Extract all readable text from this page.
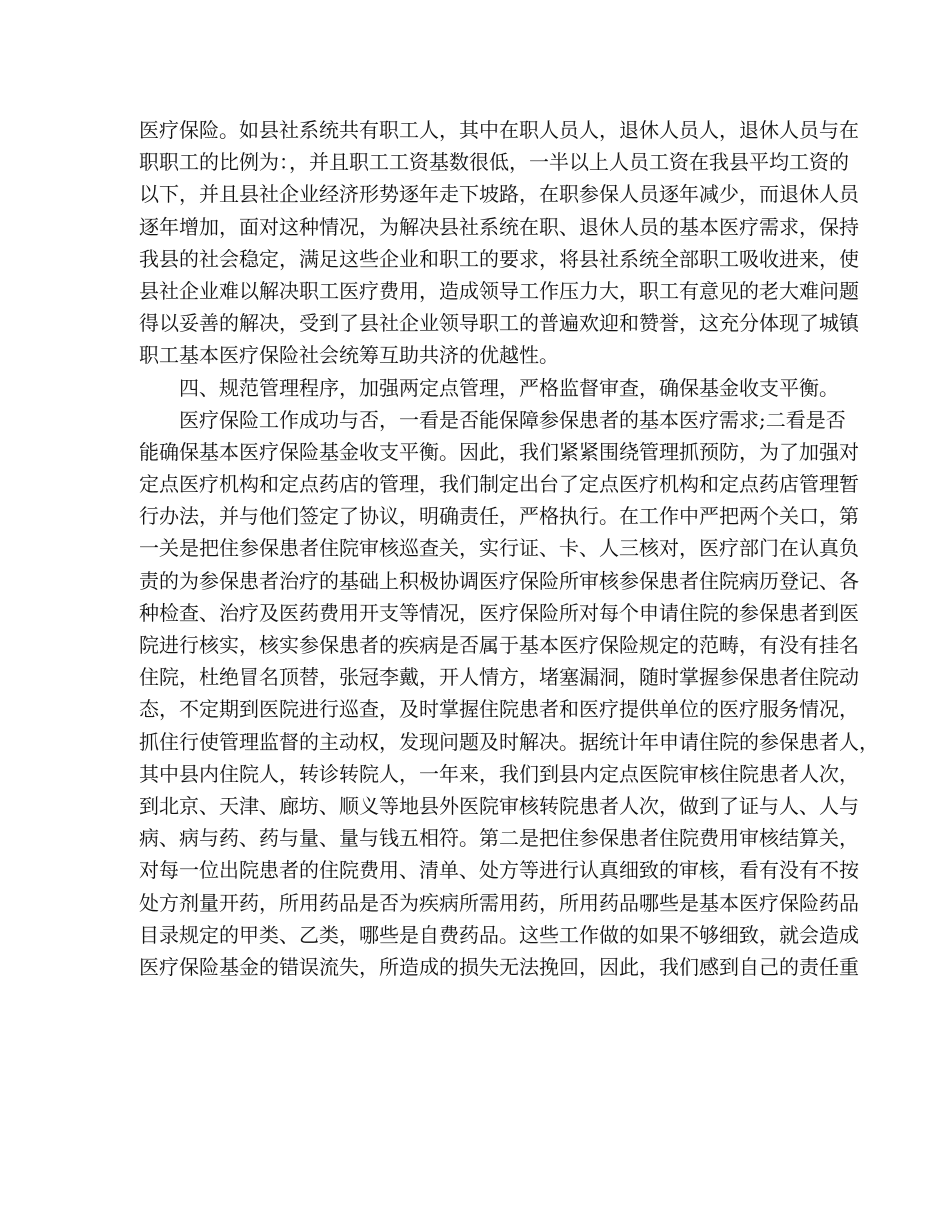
医疗保险。如县社系统共有职工人，其中在职人员人，退休人员人，退休人员与在
职职工的比例为：，并且职工工资基数很低，一半以上人员工资在我县平均工资的
以下，并且县社企业经济形势逐年走下坡路，在职参保人员逐年减少，而退休人员
逐年增加，面对这种情况，为解决县社系统在职、退休人员的基本医疗需求，保持
我县的社会稳定，满足这些企业和职工的要求，将县社系统全部职工吸收进来，使
县社企业难以解决职工医疗费用，造成领导工作压力大，职工有意见的老大难问题
得以妥善的解决，受到了县社企业领导职工的普遍欢迎和赞誉，这充分体现了城镇
职工基本医疗保险社会统筹互助共济的优越性。
四、规范管理程序，加强两定点管理，严格监督审查，确保基金收支平衡。
医疗保险工作成功与否，一看是否能保障参保患者的基本医疗需求;二看是否
能确保基本医疗保险基金收支平衡。因此，我们紧紧围绕管理抓预防，为了加强对
定点医疗机构和定点药店的管理，我们制定出台了定点医疗机构和定点药店管理暂
行办法，并与他们签定了协议，明确责任，严格执行。在工作中严把两个关口，第
一关是把住参保患者住院审核巡查关，实行证、卡、人三核对，医疗部门在认真负
责的为参保患者治疗的基础上积极协调医疗保险所审核参保患者住院病历登记、各
种检查、治疗及医药费用开支等情况，医疗保险所对每个申请住院的参保患者到医
院进行核实，核实参保患者的疾病是否属于基本医疗保险规定的范畴，有没有挂名
住院，杜绝冒名顶替，张冠李戴，开人情方，堵塞漏洞，随时掌握参保患者住院动
态，不定期到医院进行巡查，及时掌握住院患者和医疗提供单位的医疗服务情况，
抓住行使管理监督的主动权，发现问题及时解决。据统计年申请住院的参保患者人，
其中县内住院人，转诊转院人，一年来，我们到县内定点医院审核住院患者人次，
到北京、天津、廊坊、顺义等地县外医院审核转院患者人次，做到了证与人、人与
病、病与药、药与量、量与钱五相符。第二是把住参保患者住院费用审核结算关，
对每一位出院患者的住院费用、清单、处方等进行认真细致的审核，看有没有不按
处方剂量开药，所用药品是否为疾病所需用药，所用药品哪些是基本医疗保险药品
目录规定的甲类、乙类，哪些是自费药品。这些工作做的如果不够细致，就会造成
医疗保险基金的错误流失，所造成的损失无法挽回，因此，我们感到自己的责任重
